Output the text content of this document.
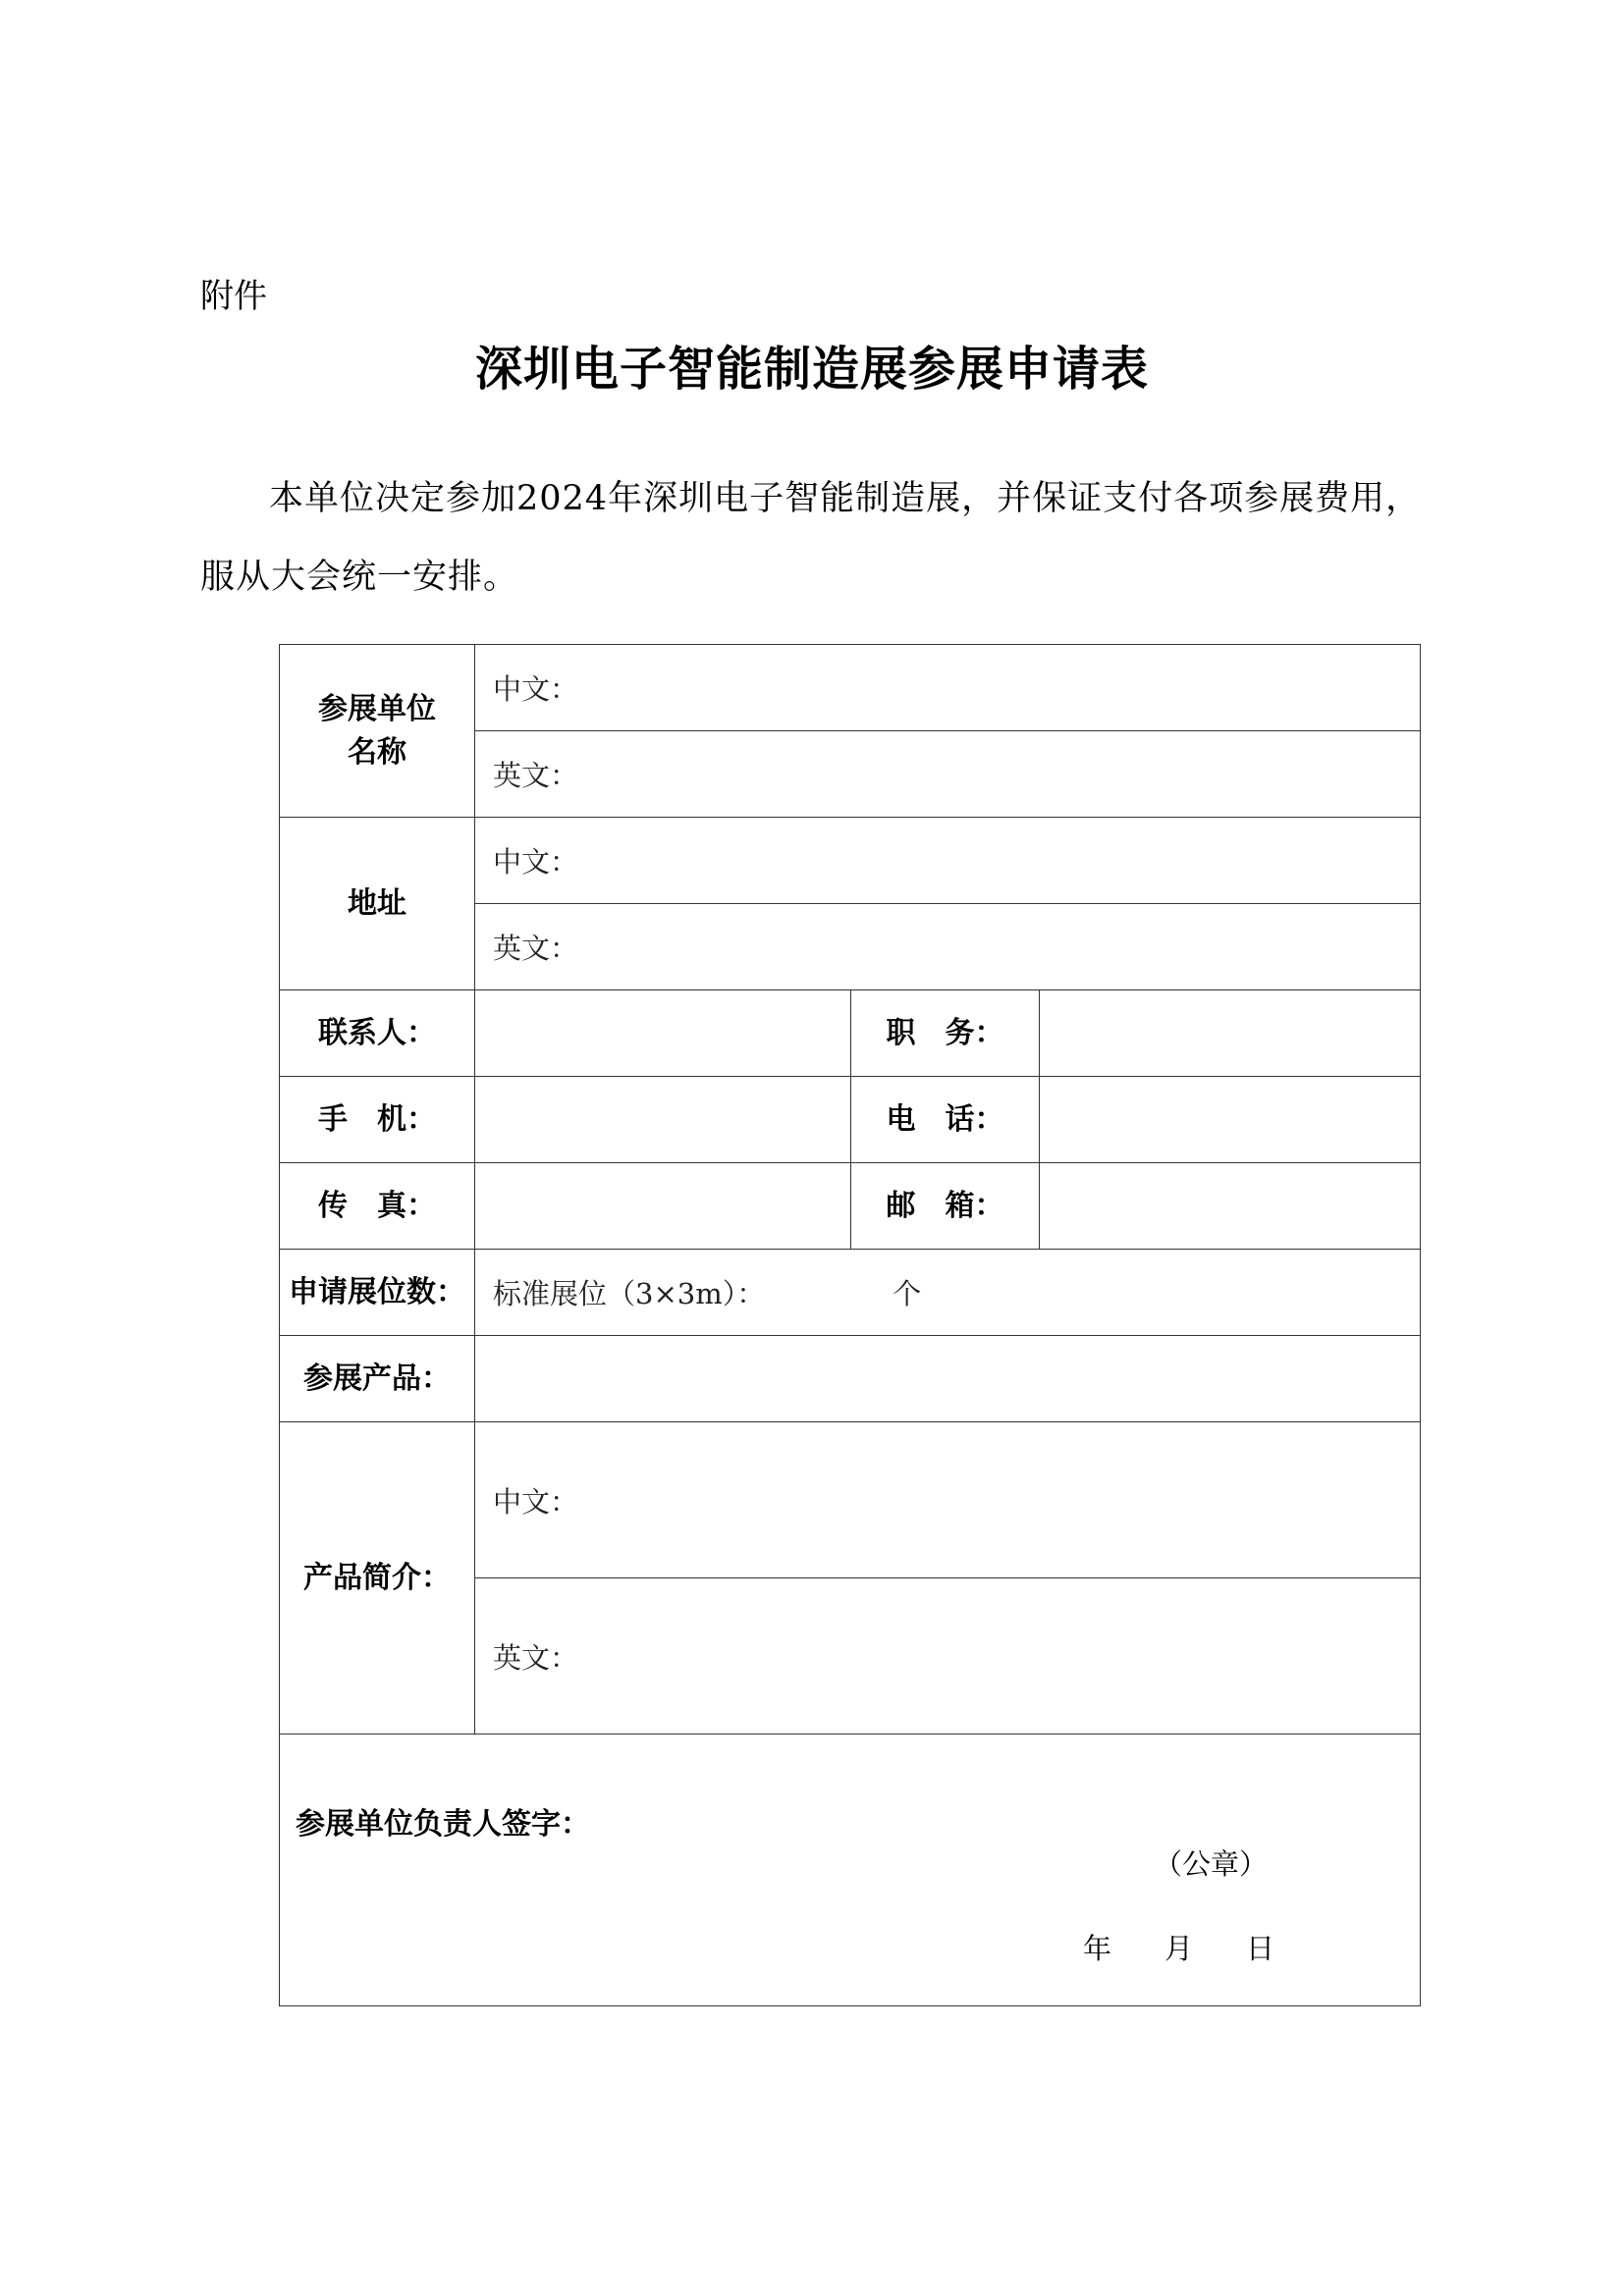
附件
深圳电子智能制造展参展申请表
本单位决定参加2024年深圳电子智能制造展，并保证支付各项参展费用，服从大会统一安排。
参展单位名称	中文：		
	英文：		
地址	中文：		
	英文：		
联系人：		职　务：	
手　机：		电　话：	
传　真：		邮　箱：	
申请展位数：	标准展位（3×3m）： 个		
参展产品：			
产品简介：	中文：		
	英文：		

参展单位负责人签字：
（公章）
年 月 日			
